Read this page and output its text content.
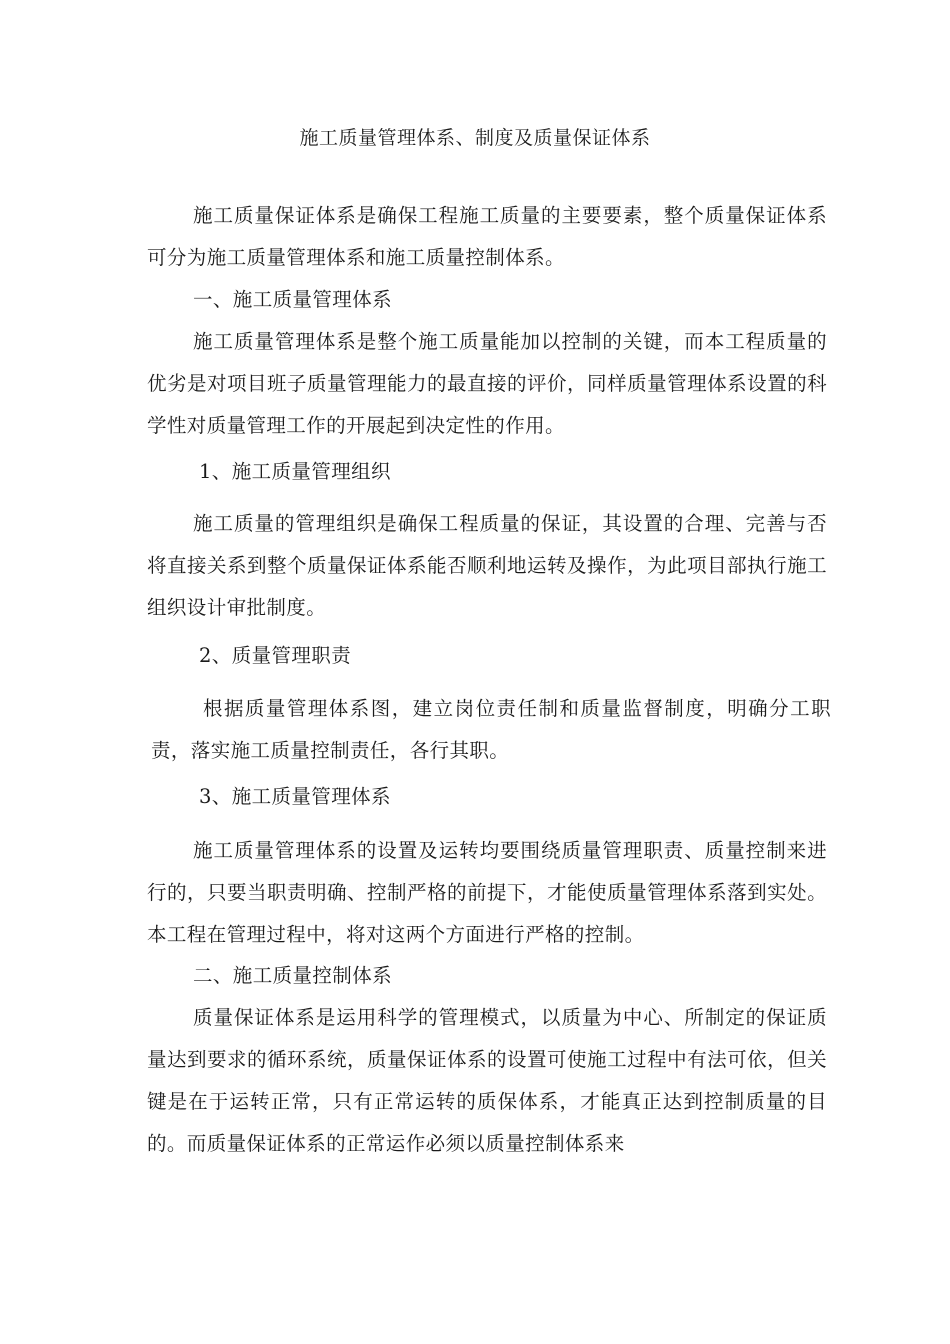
施工质量管理体系、制度及质量保证体系
施工质量保证体系是确保工程施工质量的主要要素，整个质量保证体系可分为施工质量管理体系和施工质量控制体系。
一、施工质量管理体系
施工质量管理体系是整个施工质量能加以控制的关键，而本工程质量的优劣是对项目班子质量管理能力的最直接的评价，同样质量管理体系设置的科学性对质量管理工作的开展起到决定性的作用。
1、施工质量管理组织
施工质量的管理组织是确保工程质量的保证，其设置的合理、完善与否将直接关系到整个质量保证体系能否顺利地运转及操作，为此项目部执行施工组织设计审批制度。
2、质量管理职责
根据质量管理体系图，建立岗位责任制和质量监督制度，明确分工职责，落实施工质量控制责任，各行其职。
3、施工质量管理体系
施工质量管理体系的设置及运转均要围绕质量管理职责、质量控制来进行的，只要当职责明确、控制严格的前提下，才能使质量管理体系落到实处。本工程在管理过程中，将对这两个方面进行严格的控制。
二、施工质量控制体系
质量保证体系是运用科学的管理模式，以质量为中心、所制定的保证质量达到要求的循环系统，质量保证体系的设置可使施工过程中有法可依，但关键是在于运转正常，只有正常运转的质保体系，才能真正达到控制质量的目的。而质量保证体系的正常运作必须以质量控制体系来
